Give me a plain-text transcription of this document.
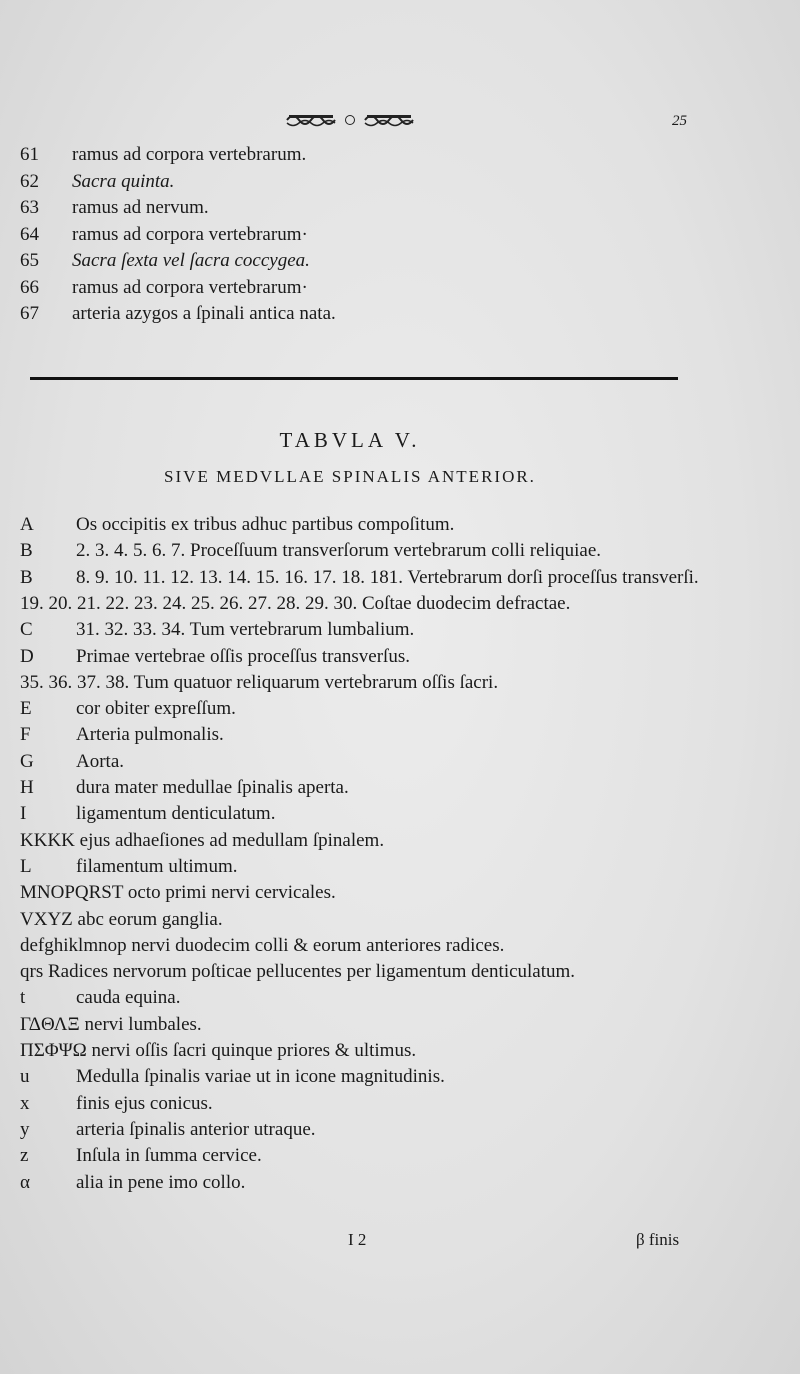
25
61 ramus ad corpora vertebrarum.
62 Sacra quinta.
63 ramus ad nervum.
64 ramus ad corpora vertebrarum·
65 Sacra ſexta vel ſacra coccygea.
66 ramus ad corpora vertebrarum·
67 arteria azygos a ſpinali antica nata.
TABVLA V.
SIVE MEDVLLAE SPINALIS ANTERIOR.
A Os occipitis ex tribus adhuc partibus compoſitum.
B 2. 3. 4. 5. 6. 7. Proceſſuum transverſorum vertebrarum colli reliquiae.
B 8. 9. 10. 11. 12. 13. 14. 15. 16. 17. 18. 181. Vertebrarum dorſi proceſſus transverſi.
19. 20. 21. 22. 23. 24. 25. 26. 27. 28. 29. 30. Coſtae duodecim defractae.
C 31. 32. 33. 34. Tum vertebrarum lumbalium.
D Primae vertebrae oſſis proceſſus transverſus.
35. 36. 37. 38. Tum quatuor reliquarum vertebrarum oſſis ſacri.
E cor obiter expreſſum.
F Arteria pulmonalis.
G Aorta.
H dura mater medullae ſpinalis aperta.
I	ligamentum denticulatum.
KKKK ejus adhaeſiones ad medullam ſpinalem.
L filamentum ultimum.
MNOPQRST octo primi nervi cervicales.
VXYZ abc eorum ganglia.
defghiklmnop nervi duodecim colli & eorum anteriores radices.
qrs Radices nervorum poſticae pellucentes per ligamentum denticulatum.
t	cauda equina.
ΓΔΘΛΞ nervi lumbales.
ΠΣΦΨΩ nervi oſſis ſacri quinque priores & ultimus.
u Medulla ſpinalis variae ut in icone magnitudinis.
x finis ejus conicus.
y arteria ſpinalis anterior utraque.
z	Inſula in ſumma cervice.
α alia in pene imo collo.
I 2	β finis
